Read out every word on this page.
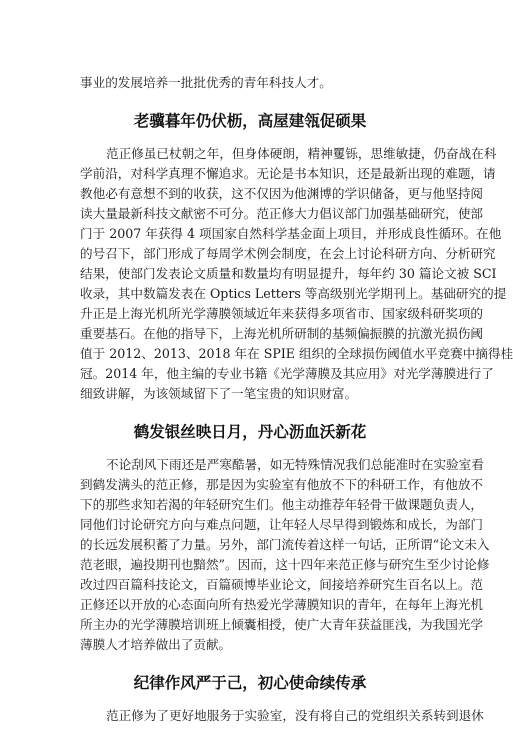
事业的发展培养一批批优秀的青年科技人才。
老骥暮年仍伏枥，高屋建瓴促硕果
范正修虽已杖朝之年，但身体硬朗，精神矍铄，思维敏捷，仍奋战在科
学前沿，对科学真理不懈追求。无论是书本知识，还是最新出现的难题，请
教他必有意想不到的收获，这不仅因为他渊博的学识储备，更与他坚持阅
读大量最新科技文献密不可分。范正修大力倡议部门加强基础研究，使部
门于 2007 年获得 4 项国家自然科学基金面上项目，并形成良性循环。在他
的号召下，部门形成了每周学术例会制度，在会上讨论科研方向、分析研究
结果，使部门发表论文质量和数量均有明显提升，每年约 30 篇论文被 SCI
收录，其中数篇发表在 Optics Letters 等高级别光学期刊上。基础研究的提
升正是上海光机所光学薄膜领域近年来获得多项省市、国家级科研奖项的
重要基石。在他的指导下，上海光机所研制的基频偏振膜的抗激光损伤阈
值于 2012、2013、2018 年在 SPIE 组织的全球损伤阈值水平竞赛中摘得桂
冠。2014 年，他主编的专业书籍《光学薄膜及其应用》对光学薄膜进行了
细致讲解，为该领域留下了一笔宝贵的知识财富。
鹤发银丝映日月，丹心沥血沃新花
不论刮风下雨还是严寒酷暑，如无特殊情况我们总能准时在实验室看
到鹤发满头的范正修，那是因为实验室有他放不下的科研工作，有他放不
下的那些求知若渴的年轻研究生们。他主动推荐年轻骨干做课题负责人，
同他们讨论研究方向与难点问题，让年轻人尽早得到锻炼和成长，为部门
的长远发展积蓄了力量。另外，部门流传着这样一句话，正所谓“论文未入
范老眼，遍投期刊也黯然”。因而，这十四年来范正修与研究生至少讨论修
改过四百篇科技论文，百篇硕博毕业论文，间接培养研究生百名以上。范
正修还以开放的心态面向所有热爱光学薄膜知识的青年，在每年上海光机
所主办的光学薄膜培训班上倾囊相授，使广大青年获益匪浅，为我国光学
薄膜人才培养做出了贡献。
纪律作风严于己，初心使命续传承
范正修为了更好地服务于实验室，没有将自己的党组织关系转到退休
